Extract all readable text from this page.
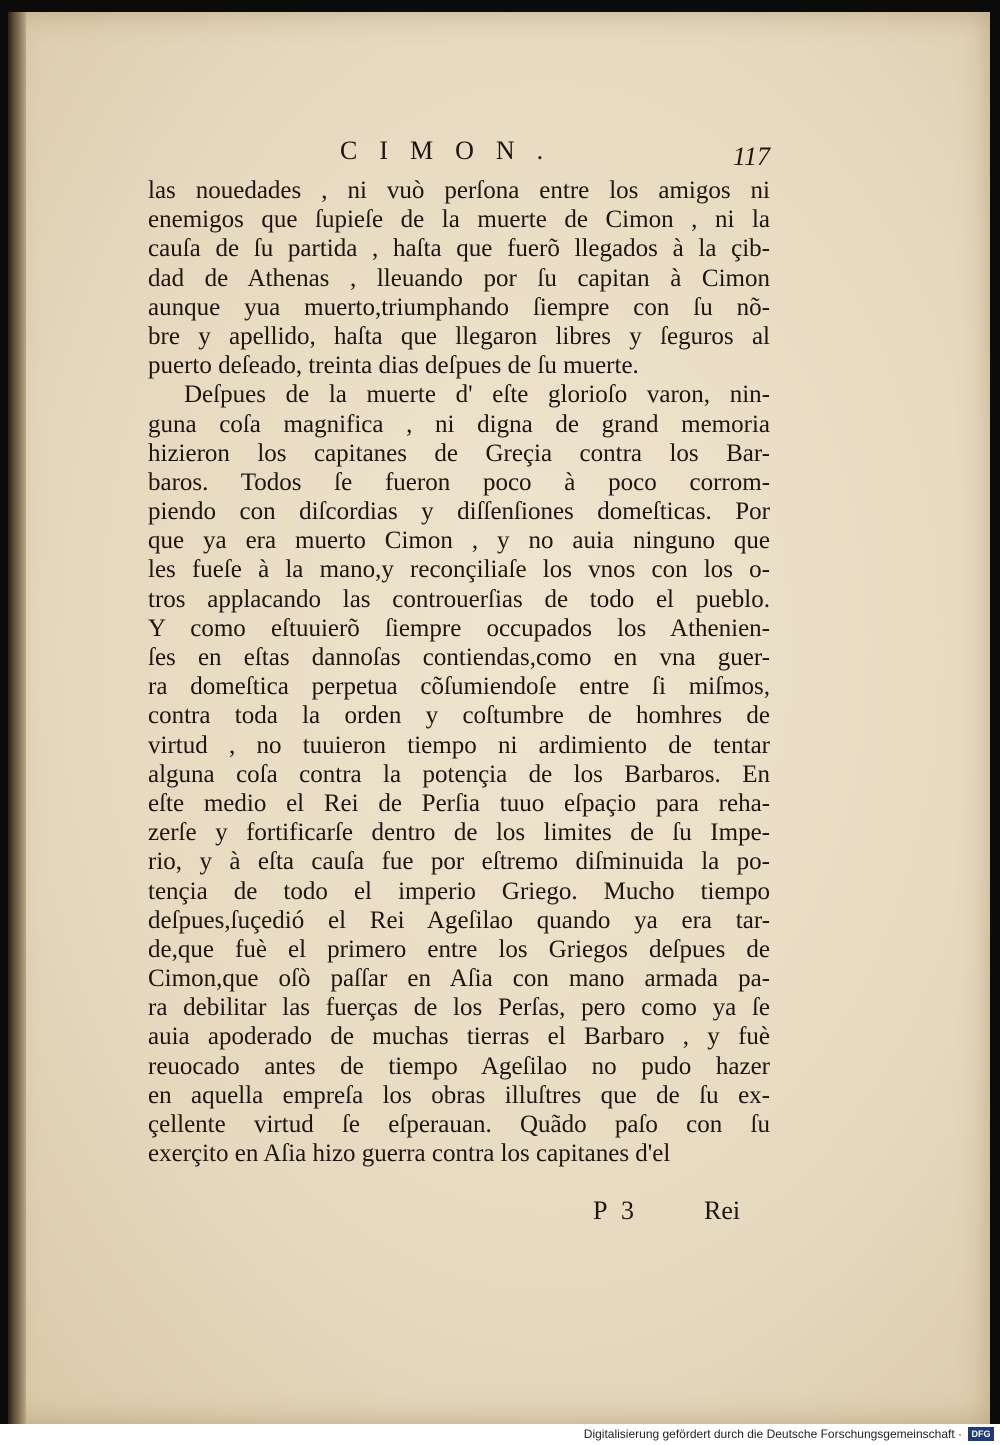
CIMON.	117
las nouedades , ni vuò perſona entre los amigos ni
enemigos que ſupieſe de la muerte de Cimon , ni la
cauſa de ſu partida , haſta que fuerõ llegados à la çib-
dad de Athenas , lleuando por ſu capitan à Cimon
aunque yua muerto,triumphando ſiempre con ſu nõ-
bre y apellido, haſta que llegaron libres y ſeguros al
puerto deſeado, treinta dias deſpues de ſu muerte.
Deſpues de la muerte d' eſte glorioſo varon, nin-
guna coſa magnifica , ni digna de grand memoria
hizieron los capitanes de Greçia contra los Bar-
baros. Todos ſe fueron poco à poco corrom-
piendo con diſcordias y diſſenſiones domeſticas. Por
que ya era muerto Cimon , y no auia ninguno que
les fueſe à la mano,y reconçiliaſe los vnos con los o-
tros applacando las controuerſias de todo el pueblo.
Y como eſtuuierõ ſiempre occupados los Athenien-
ſes en eſtas dannoſas contiendas,como en vna guer-
ra domeſtica perpetua cõſumiendoſe entre ſi miſmos,
contra toda la orden y coſtumbre de homhres de
virtud , no tuuieron tiempo ni ardimiento de tentar
alguna coſa contra la potençia de los Barbaros. En
eſte medio el Rei de Perſia tuuo eſpaçio para reha-
zerſe y fortificarſe dentro de los limites de ſu Impe-
rio, y à eſta cauſa fue por eſtremo diſminuida la po-
tençia de todo el imperio Griego. Mucho tiempo
deſpues,ſuçedió el Rei Ageſilao quando ya era tar-
de,que fuè el primero entre los Griegos deſpues de
Cimon,que oſò paſſar en Aſia con mano armada pa-
ra debilitar las fuerças de los Perſas, pero como ya ſe
auia apoderado de muchas tierras el Barbaro , y fuè
reuocado antes de tiempo Ageſilao no pudo hazer
en aquella empreſa los obras illuſtres que de ſu ex-
çellente virtud ſe eſperauan. Quãdo paſo con ſu
exerçito en Aſia hizo guerra contra los capitanes d'el
P 3	Rei
Digitalisierung gefördert durch die Deutsche Forschungsgemeinschaft ·	DFG
